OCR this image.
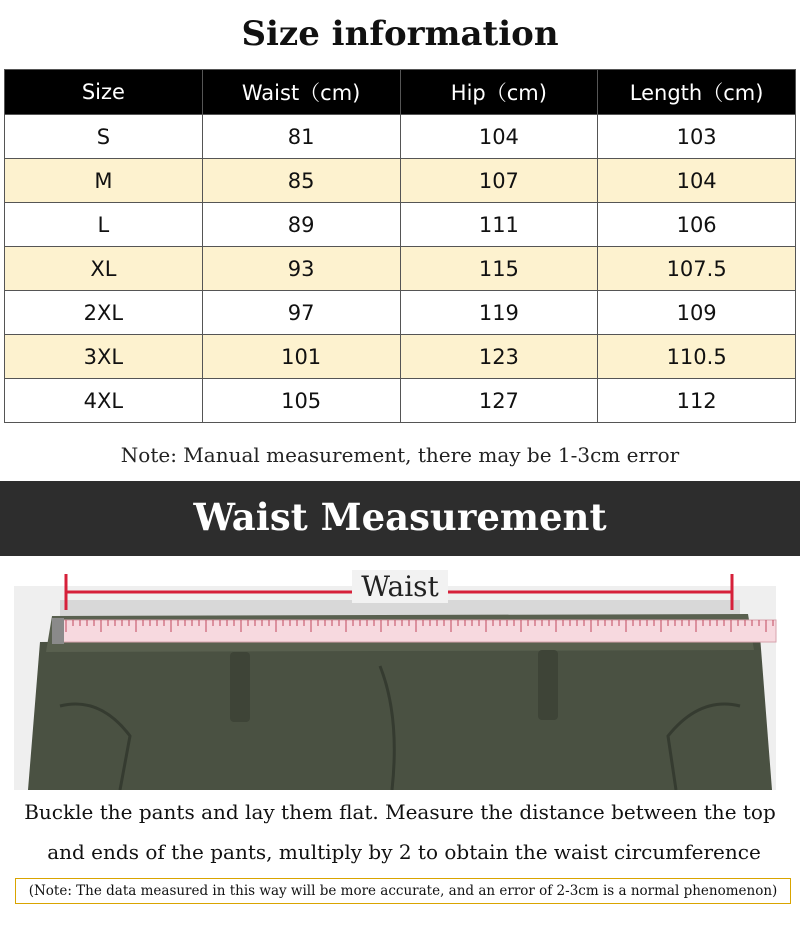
Size information
Size	Waist（cm)	Hip（cm)	Length（cm)
S	81	104	103
M	85	107	104
L	89	111	106
XL	93	115	107.5
2XL	97	119	109
3XL	101	123	110.5
4XL	105	127	112
Note: Manual measurement, there may be 1-3cm error
Waist Measurement
Waist
Buckle the pants and lay them flat. Measure the distance between the top
and ends of the pants, multiply by 2 to obtain the waist circumference
(Note: The data measured in this way will be more accurate, and an error of 2-3cm is a normal phenomenon)
